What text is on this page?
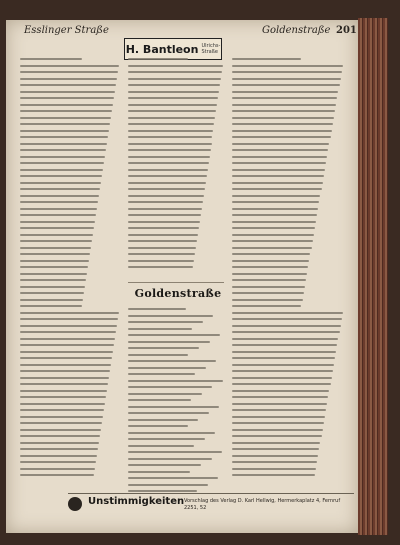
Esslinger Straße	Goldenstraße 201
H. Bantleon Ulrichs-
Straße
Goldenstraße
Unstimmigkeiten Vorschlag des Verlag D. Karl Hellwig, Hermerkaplatz 4, Fernruf 2251, 52
